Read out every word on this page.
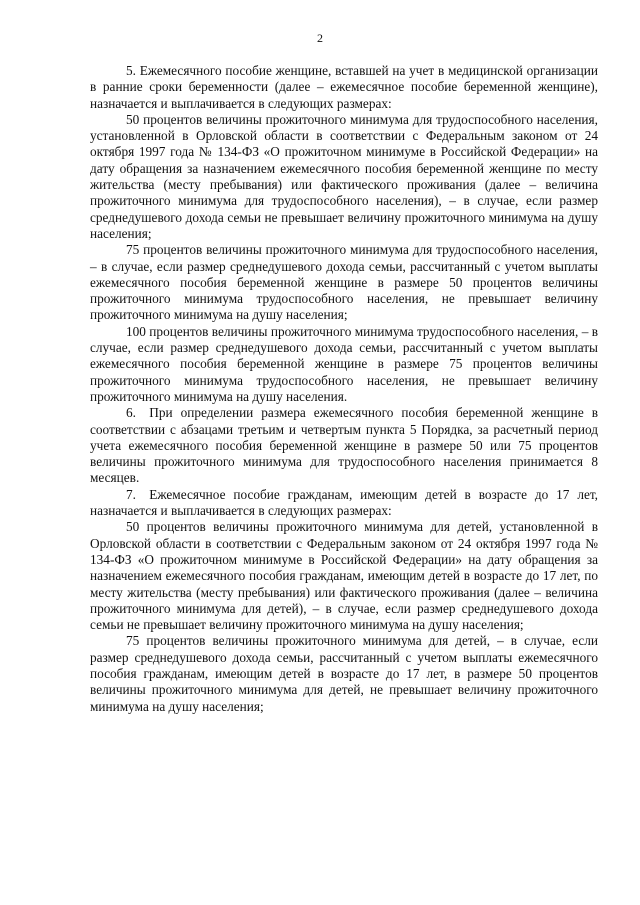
2

5. Ежемесячного пособие женщине, вставшей на учет в медицинской организации в ранние сроки беременности (далее – ежемесячное пособие беременной женщине), назначается и выплачивается в следующих размерах:

50 процентов величины прожиточного минимума для трудоспособного населения, установленной в Орловской области в соответствии с Федеральным законом от 24 октября 1997 года № 134-ФЗ «О прожиточном минимуме в Российской Федерации» на дату обращения за назначением ежемесячного пособия беременной женщине по месту жительства (месту пребывания) или фактического проживания (далее – величина прожиточного минимума для трудоспособного населения), – в случае, если размер среднедушевого дохода семьи не превышает величину прожиточного минимума на душу населения;

75 процентов величины прожиточного минимума для трудоспособного населения, – в случае, если размер среднедушевого дохода семьи, рассчитанный с учетом выплаты ежемесячного пособия беременной женщине в размере 50 процентов величины прожиточного минимума трудоспособного населения, не превышает величину прожиточного минимума на душу населения;

100 процентов величины прожиточного минимума трудоспособного населения, – в случае, если размер среднедушевого дохода семьи, рассчитанный с учетом выплаты ежемесячного пособия беременной женщине в размере 75 процентов величины прожиточного минимума трудоспособного населения, не превышает величину прожиточного минимума на душу населения.

6. При определении размера ежемесячного пособия беременной женщине в соответствии с абзацами третьим и четвертым пункта 5 Порядка, за расчетный период учета ежемесячного пособия беременной женщине в размере 50 или 75 процентов величины прожиточного минимума для трудоспособного населения принимается 8 месяцев.

7. Ежемесячное пособие гражданам, имеющим детей в возрасте до 17 лет, назначается и выплачивается в следующих размерах:

50 процентов величины прожиточного минимума для детей, установленной в Орловской области в соответствии с Федеральным законом от 24 октября 1997 года № 134-ФЗ «О прожиточном минимуме в Российской Федерации» на дату обращения за назначением ежемесячного пособия гражданам, имеющим детей в возрасте до 17 лет, по месту жительства (месту пребывания) или фактического проживания (далее – величина прожиточного минимума для детей), – в случае, если размер среднедушевого дохода семьи не превышает величину прожиточного минимума на душу населения;

75 процентов величины прожиточного минимума для детей, – в случае, если размер среднедушевого дохода семьи, рассчитанный с учетом выплаты ежемесячного пособия гражданам, имеющим детей в возрасте до 17 лет, в размере 50 процентов величины прожиточного минимума для детей, не превышает величину прожиточного минимума на душу населения;
